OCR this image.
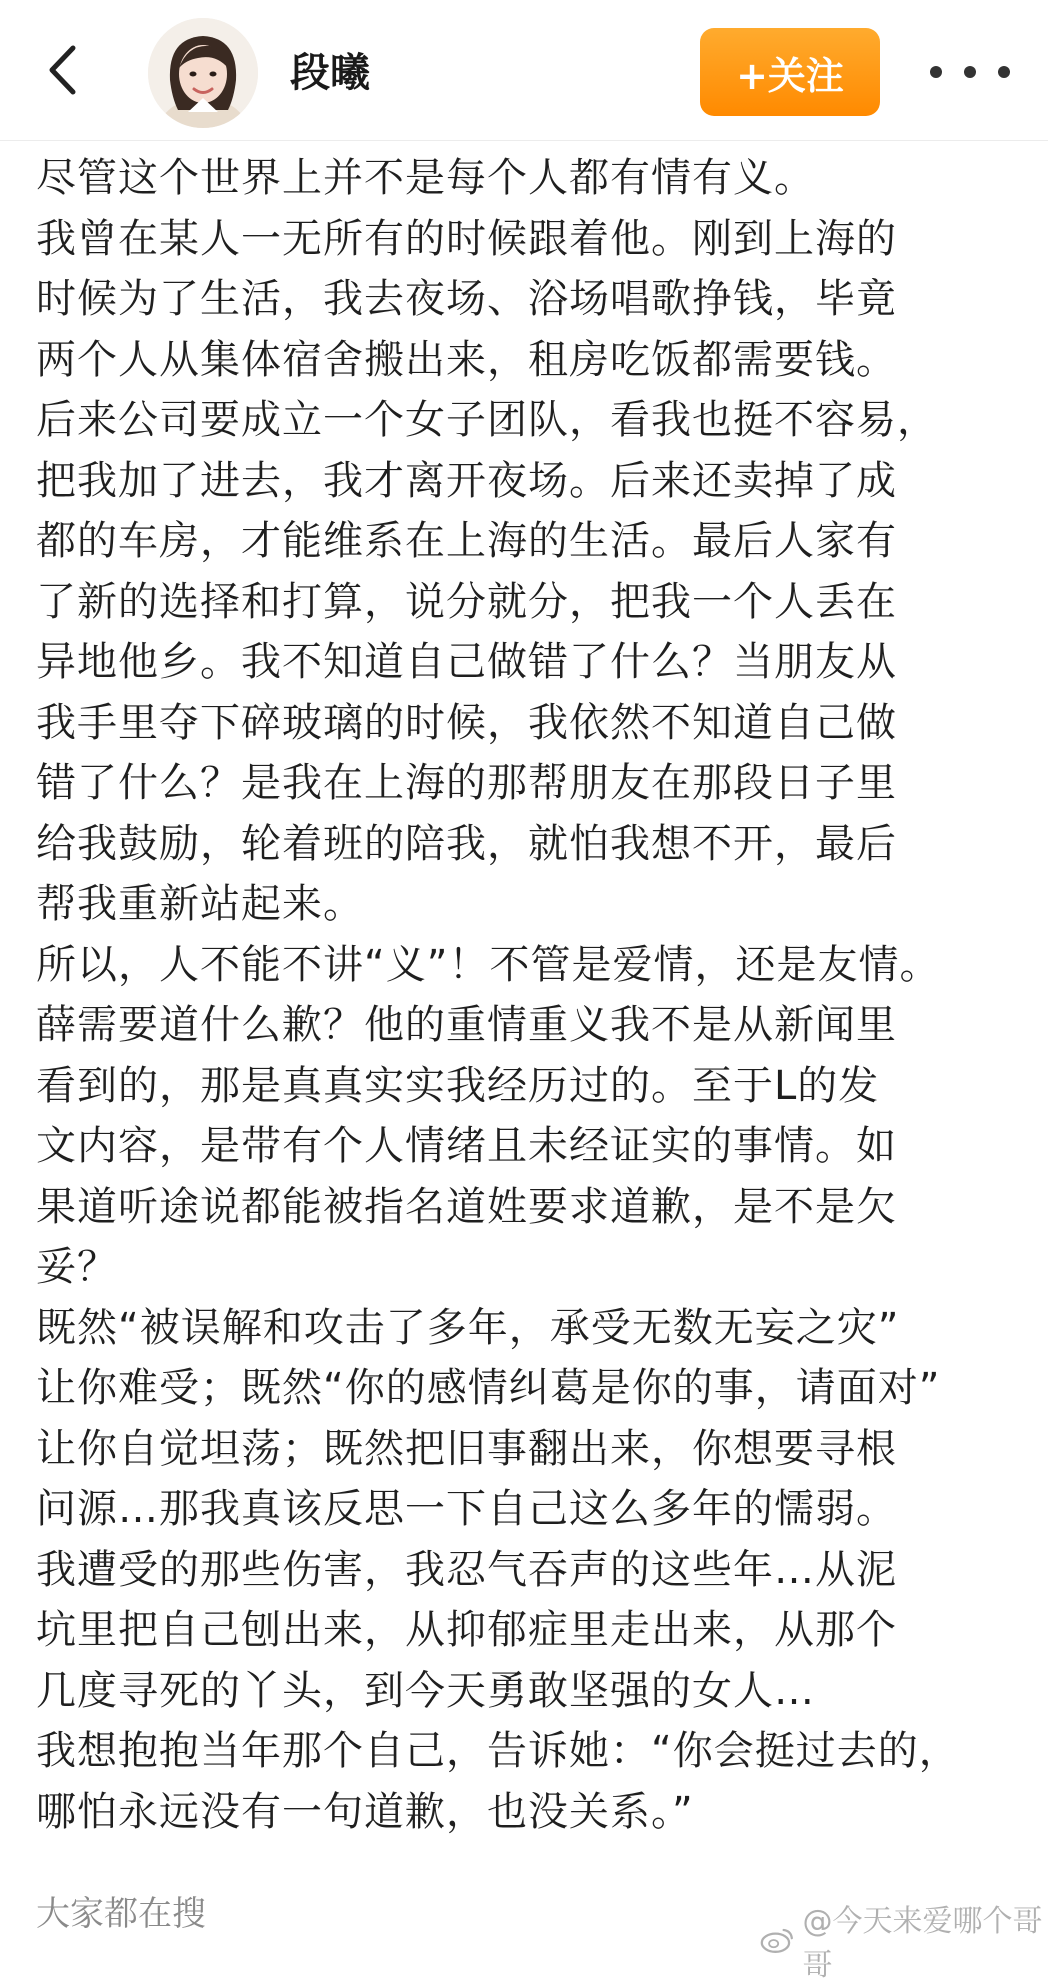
段曦	+关注

尽管这个世界上并不是每个人都有情有义。

我曾在某人一无所有的时候跟着他。刚到上海的

时候为了生活，我去夜场、浴场唱歌挣钱，毕竟

两个人从集体宿舍搬出来，租房吃饭都需要钱。

后来公司要成立一个女子团队，看我也挺不容易，

把我加了进去，我才离开夜场。后来还卖掉了成

都的车房，才能维系在上海的生活。最后人家有

了新的选择和打算，说分就分，把我一个人丢在

异地他乡。我不知道自己做错了什么？当朋友从

我手里夺下碎玻璃的时候，我依然不知道自己做

错了什么？是我在上海的那帮朋友在那段日子里

给我鼓励，轮着班的陪我，就怕我想不开，最后

帮我重新站起来。

所以，人不能不讲“义”！不管是爱情，还是友情。

薛需要道什么歉？他的重情重义我不是从新闻里

看到的，那是真真实实我经历过的。至于L的发

文内容，是带有个人情绪且未经证实的事情。如

果道听途说都能被指名道姓要求道歉，是不是欠

妥？

既然“被误解和攻击了多年，承受无数无妄之灾”

让你难受；既然“你的感情纠葛是你的事，请面对”

让你自觉坦荡；既然把旧事翻出来，你想要寻根

问源…那我真该反思一下自己这么多年的懦弱。

我遭受的那些伤害，我忍气吞声的这些年…从泥

坑里把自己刨出来，从抑郁症里走出来，从那个

几度寻死的丫头，到今天勇敢坚强的女人…

我想抱抱当年那个自己，告诉她：“你会挺过去的，

哪怕永远没有一句道歉，也没关系。”

大家都在搜	@今天来爱哪个哥哥
